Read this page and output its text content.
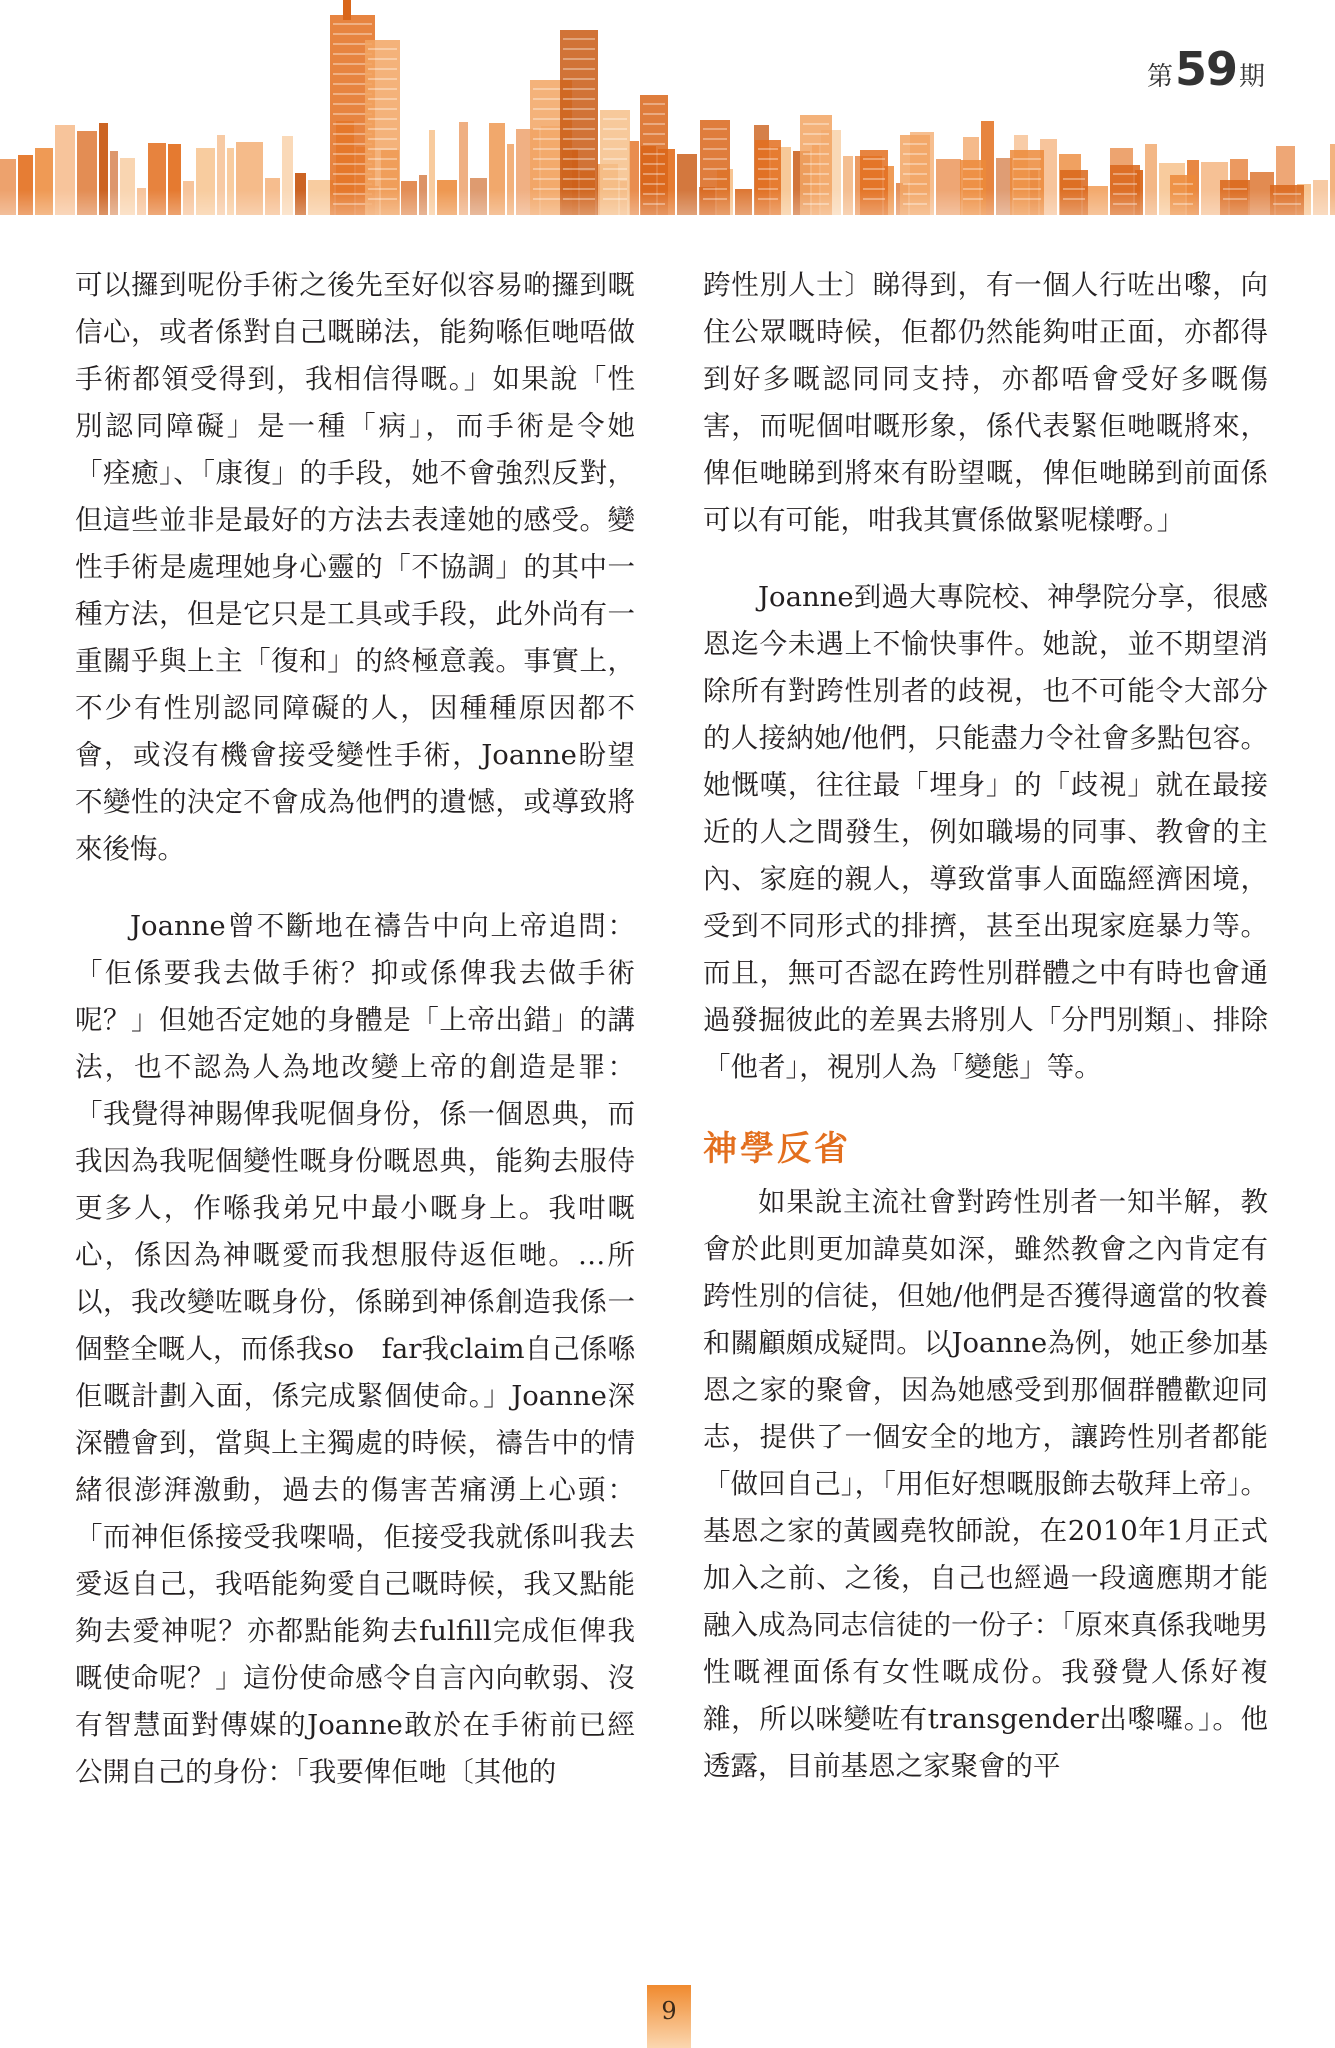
第 59 期

可以攞到呢份手術之後先至好似容易啲攞到嘅信心，或者係對自己嘅睇法，能夠喺佢哋唔做手術都領受得到，我相信得嘅。」如果說「性別認同障礙」是一種「病」，而手術是令她「痊癒」、「康復」的手段，她不會強烈反對，但這些並非是最好的方法去表達她的感受。變性手術是處理她身心靈的「不協調」的其中一種方法，但是它只是工具或手段，此外尚有一重關乎與上主「復和」的終極意義。事實上，不少有性別認同障礙的人，因種種原因都不會，或沒有機會接受變性手術，Joanne盼望不變性的決定不會成為他們的遺憾，或導致將來後悔。

Joanne曾不斷地在禱告中向上帝追問：「佢係要我去做手術？抑或係俾我去做手術呢？」但她否定她的身體是「上帝出錯」的講法，也不認為人為地改變上帝的創造是罪：「我覺得神賜俾我呢個身份，係一個恩典，而我因為我呢個變性嘅身份嘅恩典，能夠去服侍更多人，作喺我弟兄中最小嘅身上。我咁嘅心，係因為神嘅愛而我想服侍返佢哋。…所以，我改變咗嘅身份，係睇到神係創造我係一個整全嘅人，而係我so　far我claim自己係喺佢嘅計劃入面，係完成緊個使命。」Joanne深深體會到，當與上主獨處的時候，禱告中的情緒很澎湃激動，過去的傷害苦痛湧上心頭：「而神佢係接受我㗎喎，佢接受我就係叫我去愛返自己，我唔能夠愛自己嘅時候，我又點能夠去愛神呢？亦都點能夠去fulfill完成佢俾我嘅使命呢？」這份使命感令自言內向軟弱、沒有智慧面對傳媒的Joanne敢於在手術前已經公開自己的身份：「我要俾佢哋〔其他的

跨性別人士〕睇得到，有一個人行咗出嚟，向住公眾嘅時候，佢都仍然能夠咁正面，亦都得到好多嘅認同同支持，亦都唔會受好多嘅傷害，而呢個咁嘅形象，係代表緊佢哋嘅將來，俾佢哋睇到將來有盼望嘅，俾佢哋睇到前面係可以有可能，咁我其實係做緊呢樣嘢。」

Joanne到過大專院校、神學院分享，很感恩迄今未遇上不愉快事件。她說，並不期望消除所有對跨性別者的歧視，也不可能令大部分的人接納她/他們，只能盡力令社會多點包容。她慨嘆，往往最「埋身」的「歧視」就在最接近的人之間發生，例如職場的同事、教會的主內、家庭的親人，導致當事人面臨經濟困境，受到不同形式的排擠，甚至出現家庭暴力等。而且，無可否認在跨性別群體之中有時也會通過發掘彼此的差異去將別人「分門別類」、排除「他者」，視別人為「變態」等。

神學反省

如果說主流社會對跨性別者一知半解，教會於此則更加諱莫如深，雖然教會之內肯定有跨性別的信徒，但她/他們是否獲得適當的牧養和關顧頗成疑問。以Joanne為例，她正參加基恩之家的聚會，因為她感受到那個群體歡迎同志，提供了一個安全的地方，讓跨性別者都能「做回自己」，「用佢好想嘅服飾去敬拜上帝」。基恩之家的黃國堯牧師說，在2010年1月正式加入之前、之後，自己也經過一段適應期才能融入成為同志信徒的一份子：「原來真係我哋男性嘅裡面係有女性嘅成份。我發覺人係好複雜，所以咪變咗有transgender出嚟囉。」。他透露，目前基恩之家聚會的平

9
